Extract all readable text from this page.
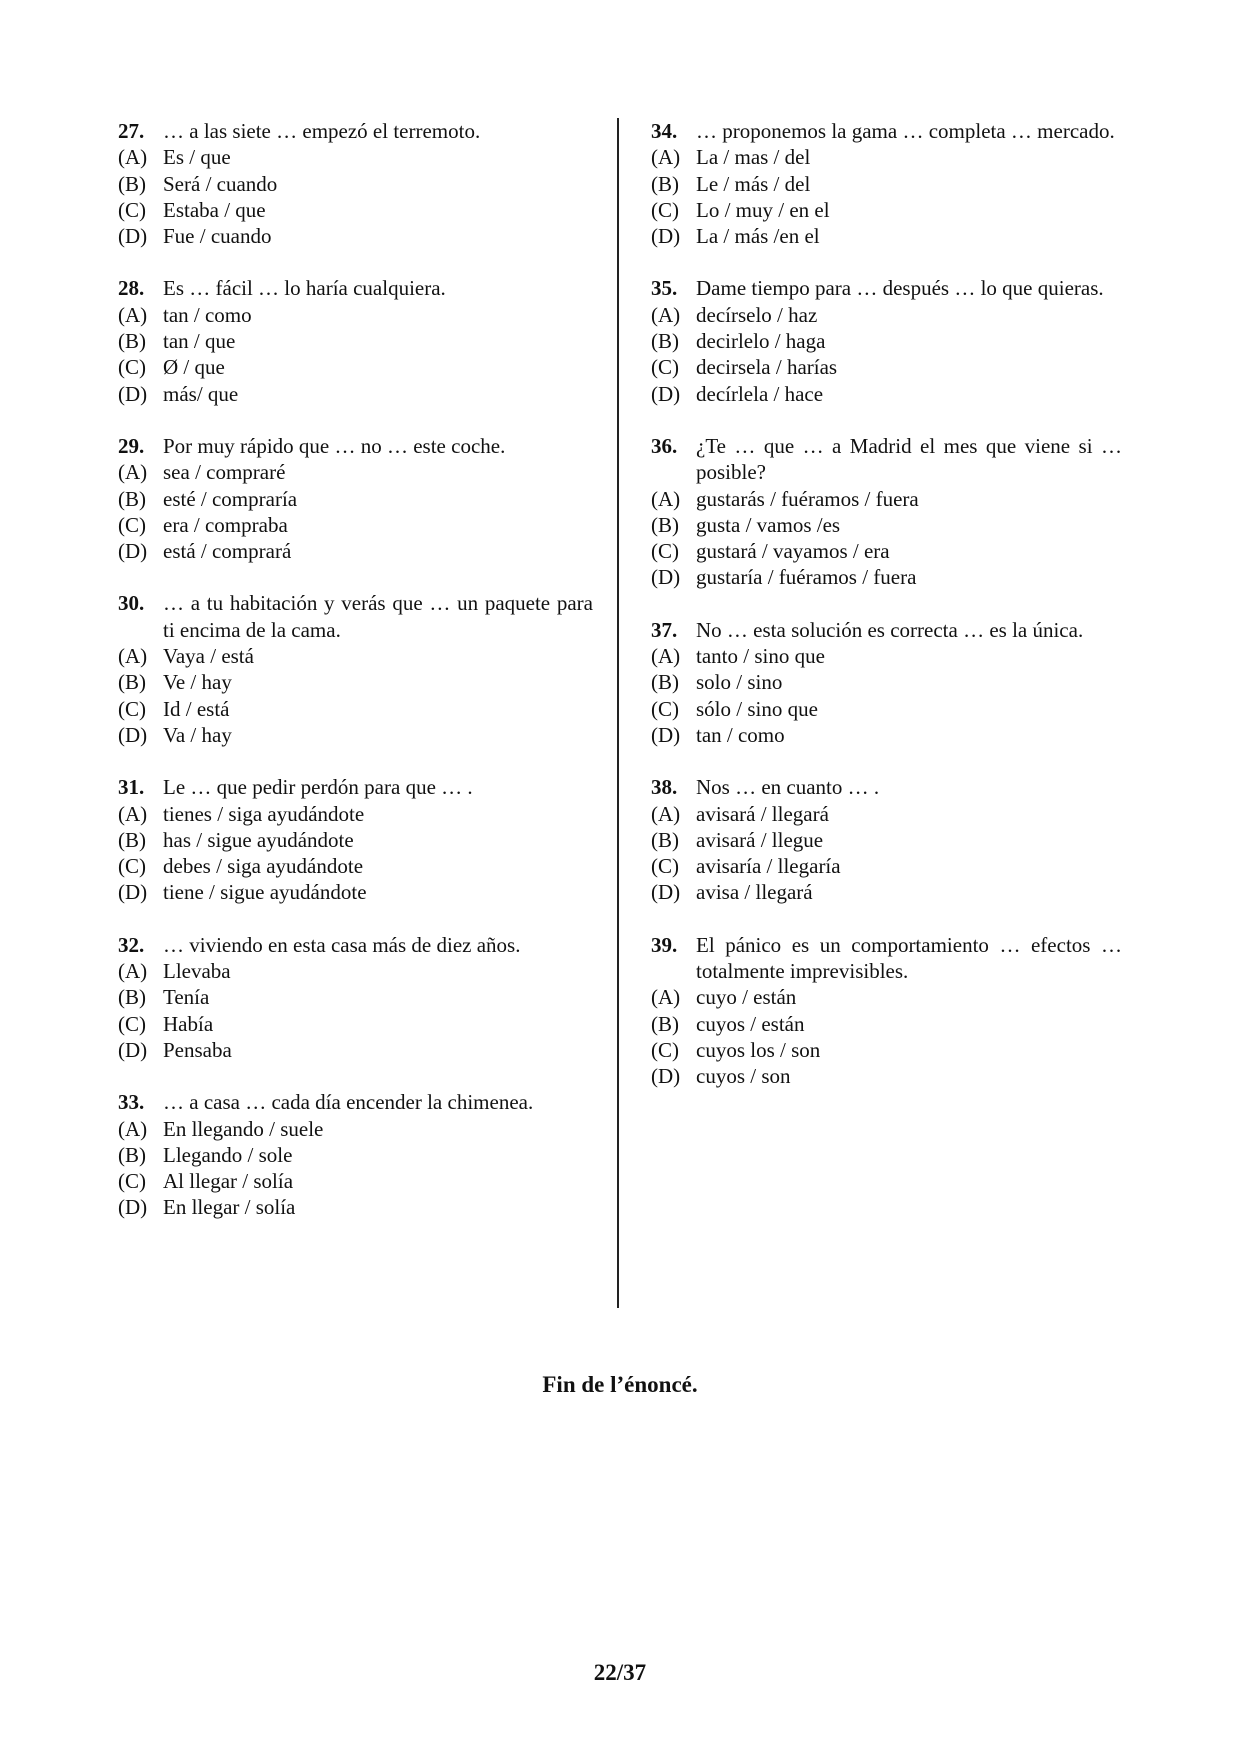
27. … a las siete … empezó el terremoto.
(A) Es / que
(B) Será / cuando
(C) Estaba / que
(D) Fue / cuando
28. Es … fácil … lo haría cualquiera.
(A) tan / como
(B) tan / que
(C) Ø / que
(D) más/ que
29. Por muy rápido que … no … este coche.
(A) sea / compraré
(B) esté / compraría
(C) era / compraba
(D) está / comprará
30. … a tu habitación y verás que … un paquete para ti encima de la cama.
(A) Vaya / está
(B) Ve / hay
(C) Id / está
(D) Va / hay
31. Le … que pedir perdón para que … .
(A) tienes / siga ayudándote
(B) has / sigue ayudándote
(C) debes / siga ayudándote
(D) tiene / sigue ayudándote
32. … viviendo en esta casa más de diez años.
(A) Llevaba
(B) Tenía
(C) Había
(D) Pensaba
33. … a casa … cada día encender la chimenea.
(A) En llegando / suele
(B) Llegando / sole
(C) Al llegar / solía
(D) En llegar / solía
34. … proponemos la gama … completa … mercado.
(A) La / mas / del
(B) Le / más / del
(C) Lo / muy / en el
(D) La / más /en el
35. Dame tiempo para … después … lo que quieras.
(A) decírselo / haz
(B) decirlelo / haga
(C) decirsela / harías
(D) decírlela / hace
36. ¿Te … que … a Madrid el mes que viene si … posible?
(A) gustarás / fuéramos / fuera
(B) gusta / vamos /es
(C) gustará / vayamos / era
(D) gustaría / fuéramos / fuera
37. No … esta solución es correcta … es la única.
(A) tanto / sino que
(B) solo / sino
(C) sólo / sino que
(D) tan / como
38. Nos … en cuanto … .
(A) avisará / llegará
(B) avisará / llegue
(C) avisaría / llegaría
(D) avisa / llegará
39. El pánico es un comportamiento … efectos … totalmente imprevisibles.
(A) cuyo / están
(B) cuyos / están
(C) cuyos los / son
(D) cuyos / son
Fin de l’énoncé.
22/37
